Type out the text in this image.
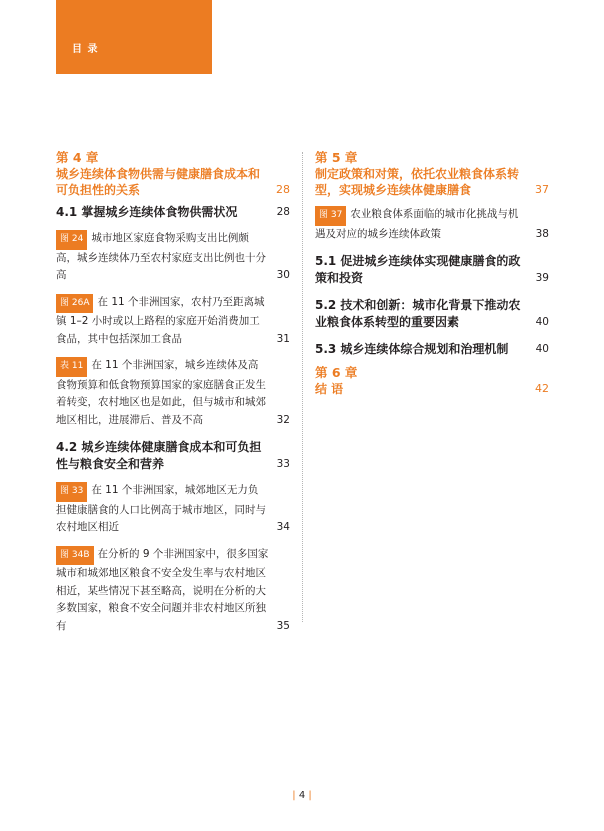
目 录
第 4 章
城乡连续体食物供需与健康膳食成本和可负担性的关系	28
4.1 掌握城乡连续体食物供需状况	28
图 24 城市地区家庭食物采购支出比例颇高，城乡连续体乃至农村家庭支出比例也十分高	30
图 26A 在 11 个非洲国家，农村乃至距离城镇 1–2 小时或以上路程的家庭开始消费加工食品，其中包括深加工食品	31
表 11 在 11 个非洲国家，城乡连续体及高食物预算和低食物预算国家的家庭膳食正发生着转变，农村地区也是如此，但与城市和城郊地区相比，进展滞后、普及不高	32
4.2 城乡连续体健康膳食成本和可负担性与粮食安全和营养	33
图 33 在 11 个非洲国家，城郊地区无力负担健康膳食的人口比例高于城市地区，同时与农村地区相近	34
图 34B 在分析的 9 个非洲国家中，很多国家城市和城郊地区粮食不安全发生率与农村地区相近，某些情况下甚至略高，说明在分析的大多数国家，粮食不安全问题并非农村地区所独有	35
第 5 章
制定政策和对策，依托农业粮食体系转型，实现城乡连续体健康膳食	37
图 37 农业粮食体系面临的城市化挑战与机遇及对应的城乡连续体政策	38
5.1 促进城乡连续体实现健康膳食的政策和投资	39
5.2 技术和创新：城市化背景下推动农业粮食体系转型的重要因素	40
5.3 城乡连续体综合规划和治理机制	40
第 6 章
结 语	42
| 4 |
